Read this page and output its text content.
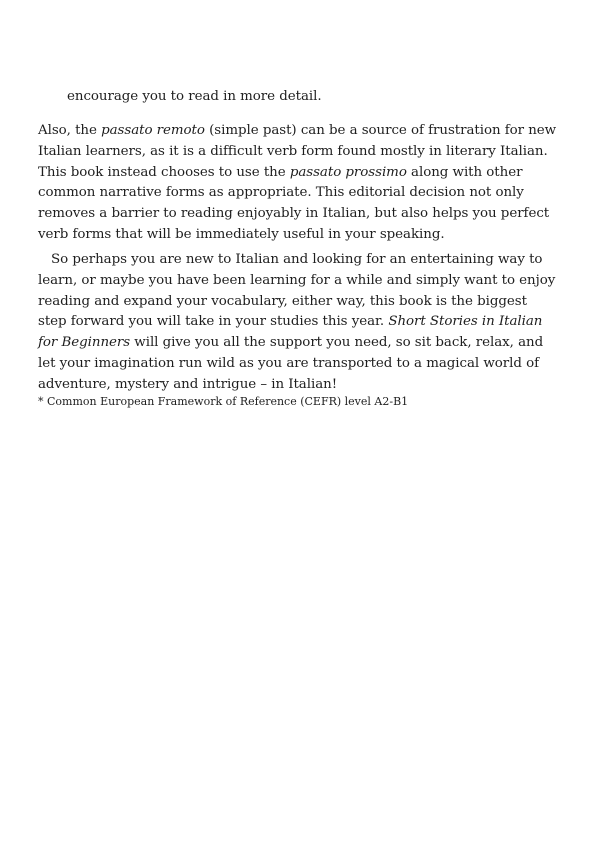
encourage you to read in more detail.

Also, the passato remoto (simple past) can be a source of frustration for new Italian learners, as it is a difficult verb form found mostly in literary Italian. This book instead chooses to use the passato prossimo along with other common narrative forms as appropriate. This editorial decision not only removes a barrier to reading enjoyably in Italian, but also helps you perfect verb forms that will be immediately useful in your speaking.

So perhaps you are new to Italian and looking for an entertaining way to learn, or maybe you have been learning for a while and simply want to enjoy reading and expand your vocabulary, either way, this book is the biggest step forward you will take in your studies this year. Short Stories in Italian for Beginners will give you all the support you need, so sit back, relax, and let your imagination run wild as you are transported to a magical world of adventure, mystery and intrigue – in Italian!

* Common European Framework of Reference (CEFR) level A2-B1
